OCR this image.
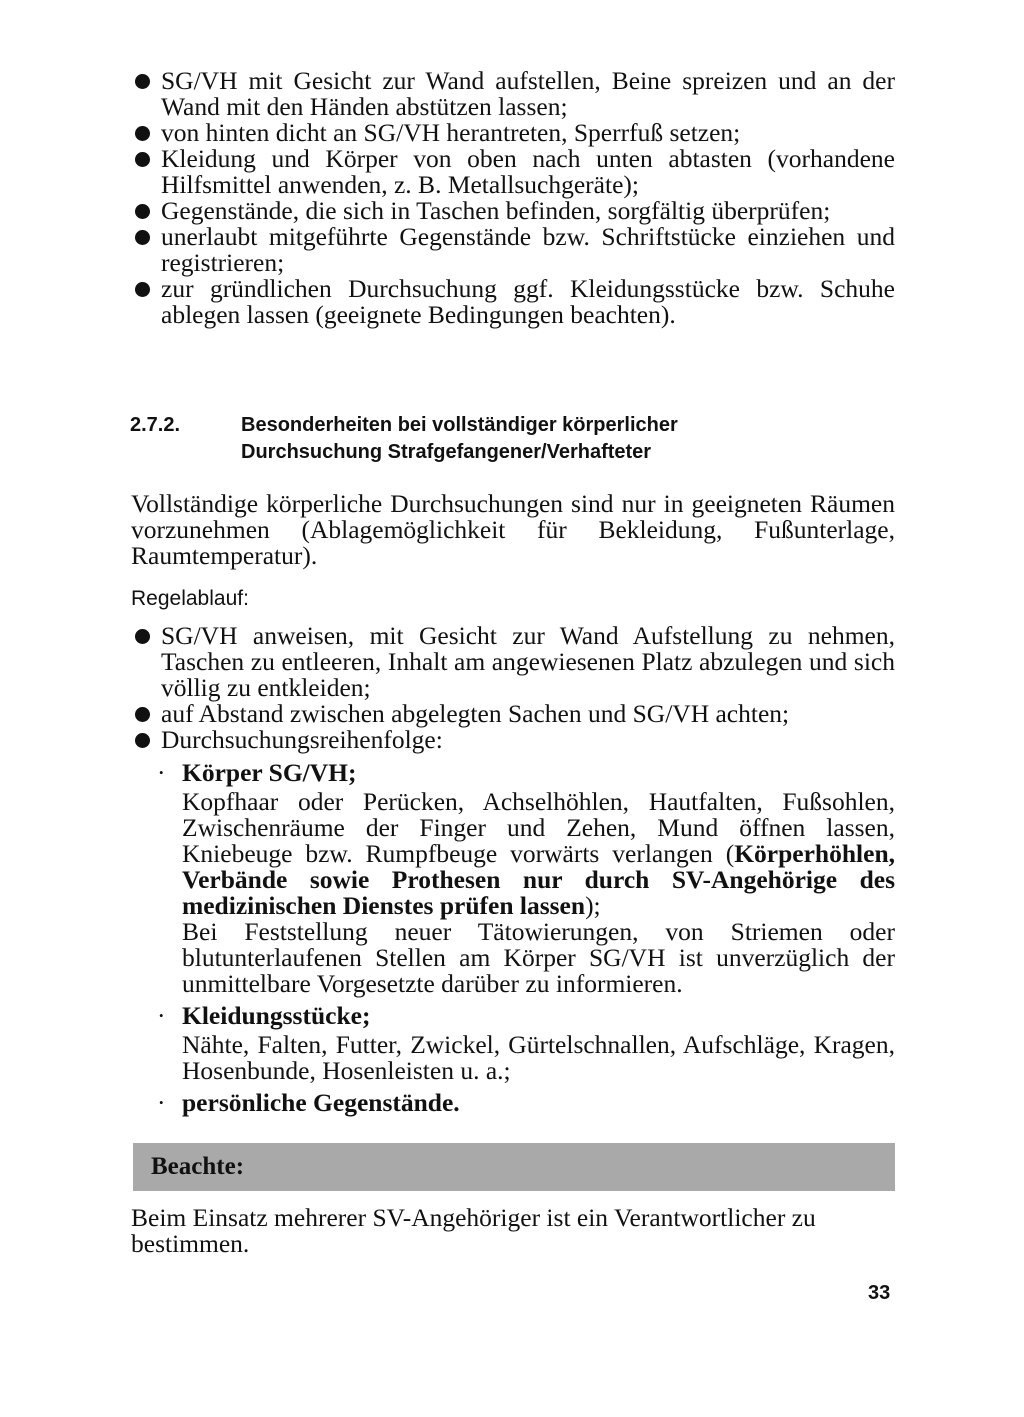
SG/VH mit Gesicht zur Wand aufstellen, Beine spreizen und an der Wand mit den Händen abstützen lassen;
von hinten dicht an SG/VH herantreten, Sperrfuß setzen;
Kleidung und Körper von oben nach unten abtasten (vorhandene Hilfsmittel anwenden, z. B. Metallsuchgeräte);
Gegenstände, die sich in Taschen befinden, sorgfältig überprüfen;
unerlaubt mitgeführte Gegenstände bzw. Schriftstücke einziehen und registrieren;
zur gründlichen Durchsuchung ggf. Kleidungsstücke bzw. Schuhe ablegen lassen (geeignete Bedingungen beachten).
2.7.2.	Besonderheiten bei vollständiger körperlicher
Durchsuchung Strafgefangener/Verhafteter

Vollständige körperliche Durchsuchungen sind nur in geeigneten Räumen vorzunehmen (Ablagemöglichkeit für Bekleidung, Fußunterlage, Raumtemperatur).

Regelablauf:
SG/VH anweisen, mit Gesicht zur Wand Aufstellung zu nehmen, Taschen zu entleeren, Inhalt am angewiesenen Platz abzulegen und sich völlig zu entkleiden;
auf Abstand zwischen abgelegten Sachen und SG/VH achten;
Durchsuchungsreihenfolge:
· Körper SG/VH;
Kopfhaar oder Perücken, Achselhöhlen, Hautfalten, Fußsohlen, Zwischenräume der Finger und Zehen, Mund öffnen lassen, Kniebeuge bzw. Rumpfbeuge vorwärts verlangen (Körperhöhlen, Verbände sowie Prothesen nur durch SV-Angehörige des medizinischen Dienstes prüfen lassen);
Bei Feststellung neuer Tätowierungen, von Striemen oder blutunterlaufenen Stellen am Körper SG/VH ist unverzüglich der unmittelbare Vorgesetzte darüber zu informieren.
· Kleidungsstücke;
Nähte, Falten, Futter, Zwickel, Gürtelschnallen, Aufschläge, Kragen, Hosenbunde, Hosenleisten u. a.;
· persönliche Gegenstände.
Beachte:

Beim Einsatz mehrerer SV-Angehöriger ist ein Verantwortlicher zu bestimmen.

33
